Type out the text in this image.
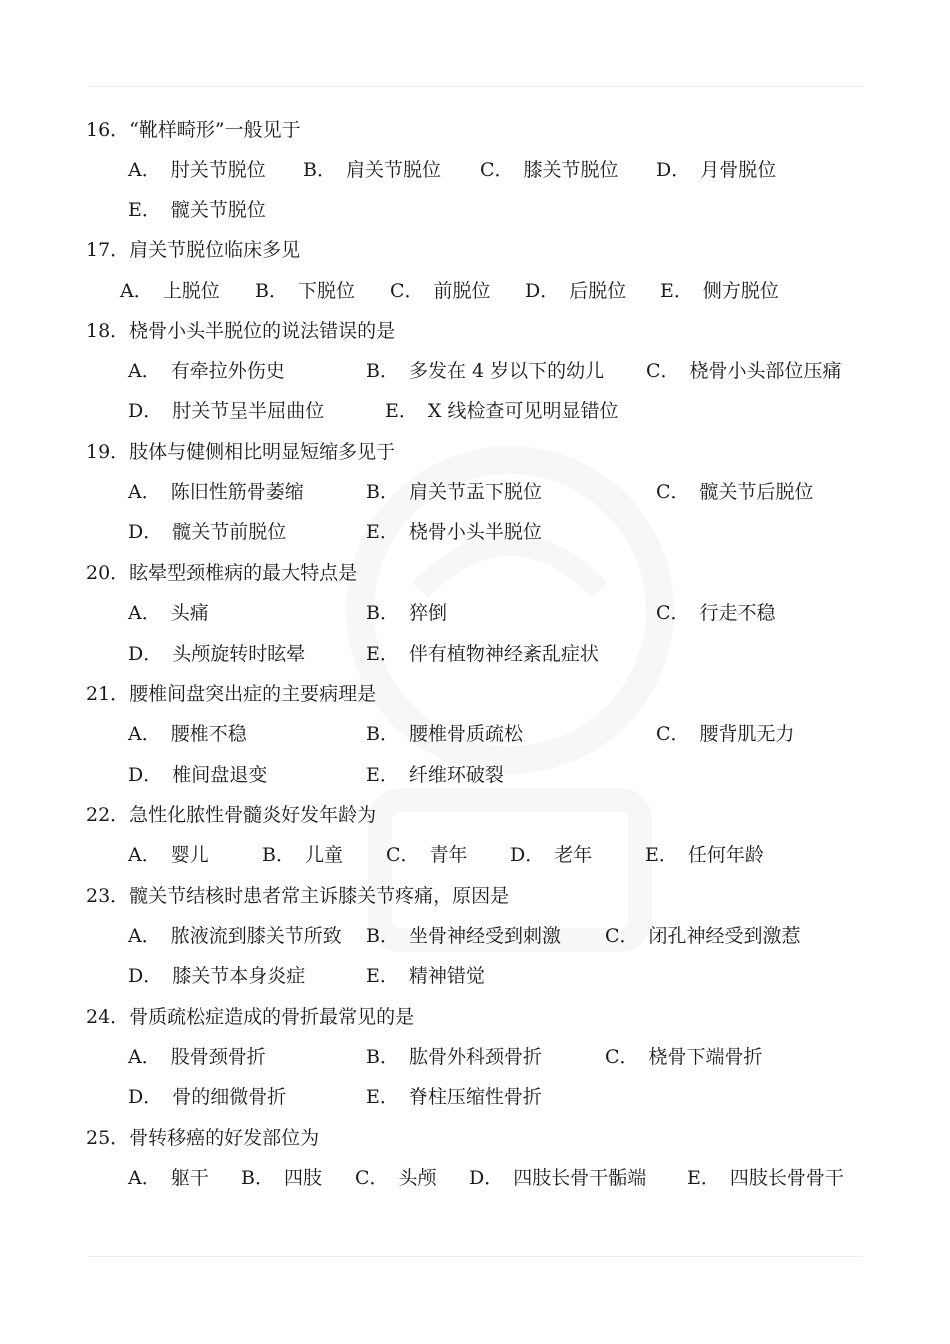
16．“靴样畸形”一般见于
A． 肘关节脱位 B． 肩关节脱位 C． 膝关节脱位 D． 月骨脱位
E． 髋关节脱位
17．肩关节脱位临床多见
A． 上脱位 B． 下脱位 C． 前脱位 D． 后脱位 E． 侧方脱位
18．桡骨小头半脱位的说法错误的是
A． 有牵拉外伤史	B． 多发在 4 岁以下的幼儿 C． 桡骨小头部位压痛
D． 肘关节呈半屈曲位	E． X 线检查可见明显错位
19．肢体与健侧相比明显短缩多见于
A． 陈旧性筋骨萎缩	B． 肩关节盂下脱位	C． 髋关节后脱位
D． 髋关节前脱位	E． 桡骨小头半脱位
20．眩晕型颈椎病的最大特点是
A． 头痛	B． 猝倒	C． 行走不稳
D． 头颅旋转时眩晕	E． 伴有植物神经紊乱症状
21．腰椎间盘突出症的主要病理是
A． 腰椎不稳	B． 腰椎骨质疏松	C． 腰背肌无力
D． 椎间盘退变	E． 纤维环破裂
22．急性化脓性骨髓炎好发年龄为
A． 婴儿	B． 儿童 C． 青年 D． 老年	E． 任何年龄
23．髋关节结核时患者常主诉膝关节疼痛，原因是
A． 脓液流到膝关节所致 B． 坐骨神经受到刺激 C． 闭孔神经受到激惹
D． 膝关节本身炎症	E． 精神错觉
24．骨质疏松症造成的骨折最常见的是
A． 股骨颈骨折	B． 肱骨外科颈骨折	C． 桡骨下端骨折
D． 骨的细微骨折	E． 脊柱压缩性骨折
25．骨转移癌的好发部位为
A． 躯干 B． 四肢 C． 头颅 D． 四肢长骨干骺端 E． 四肢长骨骨干
